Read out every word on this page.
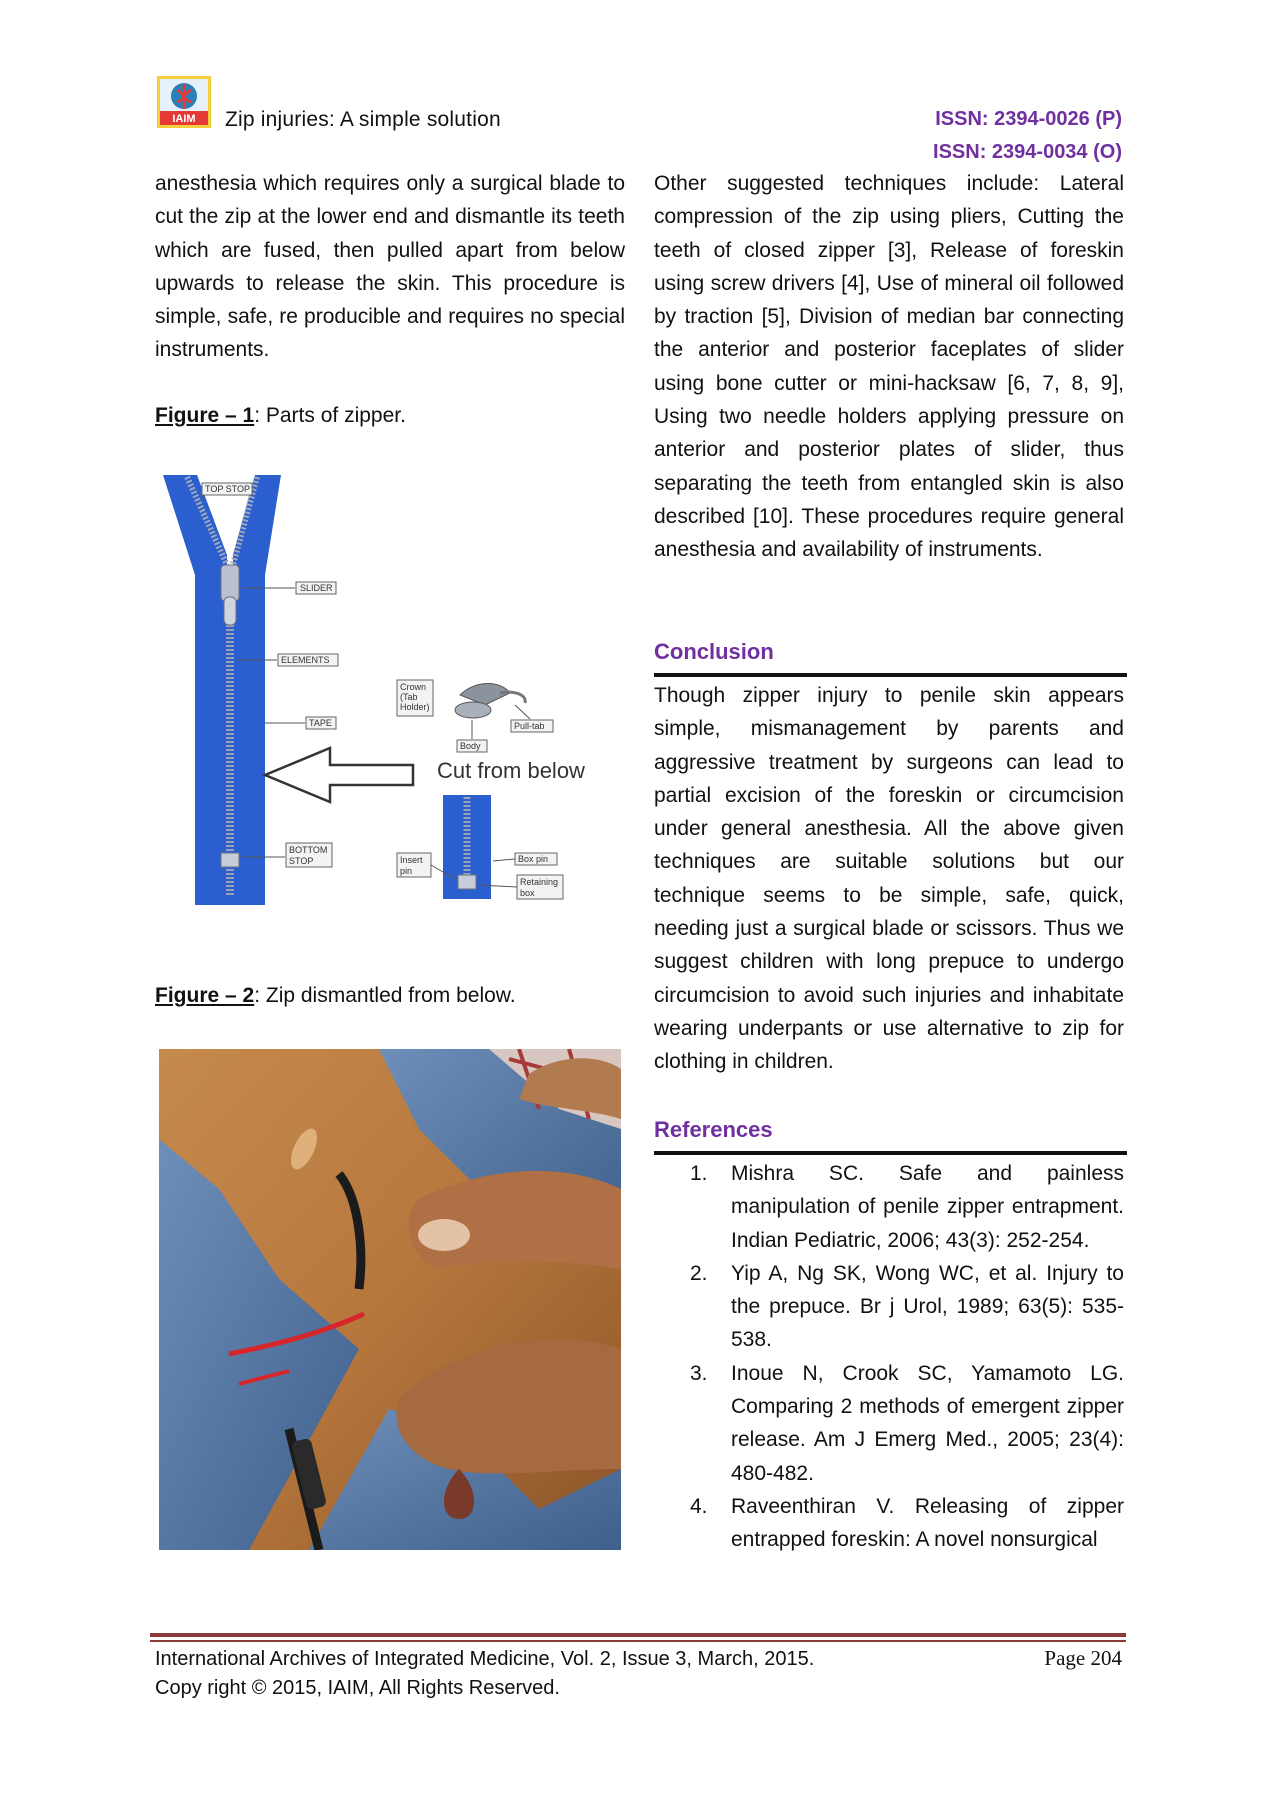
IAIM Zip injuries: A simple solution	ISSN: 2394-0026 (P)
ISSN: 2394-0034 (O)

anesthesia which requires only a surgical blade to cut the zip at the lower end and dismantle its teeth which are fused, then pulled apart from below upwards to release the skin. This procedure is simple, safe, re producible and requires no special instruments.

Figure – 1: Parts of zipper.
TOP STOP
SLIDER
ELEMENTS
TAPE
BOTTOM
STOP
Crown
(Tab
Holder)
Body
Pull-tab
Insert
pin
Box pin
Retaining
box
Cut from below
Figure – 2: Zip dismantled from below.

Other suggested techniques include: Lateral compression of the zip using pliers, Cutting the teeth of closed zipper [3], Release of foreskin using screw drivers [4], Use of mineral oil followed by traction [5], Division of median bar connecting the anterior and posterior faceplates of slider using bone cutter or mini-hacksaw [6, 7, 8, 9], Using two needle holders applying pressure on anterior and posterior plates of slider, thus separating the teeth from entangled skin is also described [10]. These procedures require general anesthesia and availability of instruments.

Conclusion

Though zipper injury to penile skin appears simple, mismanagement by parents and aggressive treatment by surgeons can lead to partial excision of the foreskin or circumcision under general anesthesia. All the above given techniques are suitable solutions but our technique seems to be simple, safe, quick, needing just a surgical blade or scissors. Thus we suggest children with long prepuce to undergo circumcision to avoid such injuries and inhabitate wearing underpants or use alternative to zip for clothing in children.

References
1. Mishra SC. Safe and painless manipulation of penile zipper entrapment. Indian Pediatric, 2006; 43(3): 252-254.
2. Yip A, Ng SK, Wong WC, et al. Injury to the prepuce. Br j Urol, 1989; 63(5): 535-538.
3. Inoue N, Crook SC, Yamamoto LG. Comparing 2 methods of emergent zipper release. Am J Emerg Med., 2005; 23(4): 480-482.
4. Raveenthiran V. Releasing of zipper entrapped foreskin: A novel nonsurgical
International Archives of Integrated Medicine, Vol. 2, Issue 3, March, 2015.
Copy right © 2015, IAIM, All Rights Reserved.
Page 204
